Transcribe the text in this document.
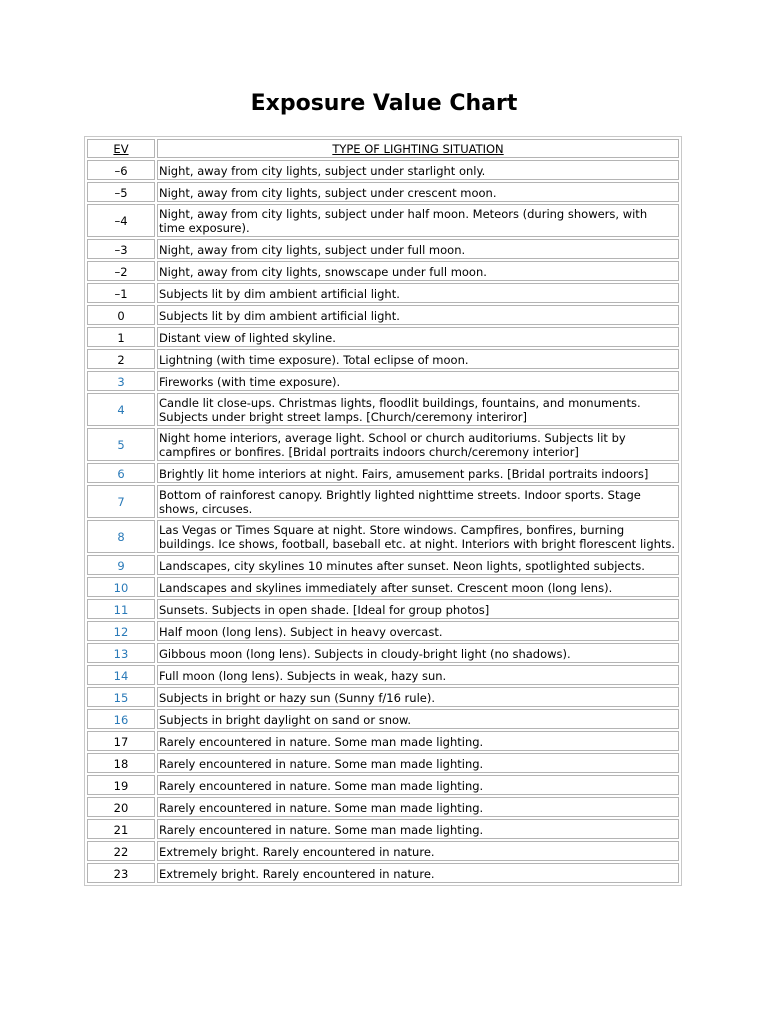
Exposure Value Chart
EV	TYPE OF LIGHTING SITUATION
–6	Night, away from city lights, subject under starlight only.
–5	Night, away from city lights, subject under crescent moon.
–4	Night, away from city lights, subject under half moon. Meteors (during showers, with time exposure).
–3	Night, away from city lights, subject under full moon.
–2	Night, away from city lights, snowscape under full moon.
–1	Subjects lit by dim ambient artificial light.
0	Subjects lit by dim ambient artificial light.
1	Distant view of lighted skyline.
2	Lightning (with time exposure). Total eclipse of moon.
3	Fireworks (with time exposure).
4	Candle lit close-ups. Christmas lights, floodlit buildings, fountains, and monuments. Subjects under bright street lamps. [Church/ceremony interiror]
5	Night home interiors, average light. School or church auditoriums. Subjects lit by campfires or bonfires. [Bridal portraits indoors church/ceremony interior]
6	Brightly lit home interiors at night. Fairs, amusement parks. [Bridal portraits indoors]
7	Bottom of rainforest canopy. Brightly lighted nighttime streets. Indoor sports. Stage shows, circuses.
8	Las Vegas or Times Square at night. Store windows. Campfires, bonfires, burning buildings. Ice shows, football, baseball etc. at night. Interiors with bright florescent lights.
9	Landscapes, city skylines 10 minutes after sunset. Neon lights, spotlighted subjects.
10	Landscapes and skylines immediately after sunset. Crescent moon (long lens).
11	Sunsets. Subjects in open shade. [Ideal for group photos]
12	Half moon (long lens). Subject in heavy overcast.
13	Gibbous moon (long lens). Subjects in cloudy-bright light (no shadows).
14	Full moon (long lens). Subjects in weak, hazy sun.
15	Subjects in bright or hazy sun (Sunny f/16 rule).
16	Subjects in bright daylight on sand or snow.
17	Rarely encountered in nature. Some man made lighting.
18	Rarely encountered in nature. Some man made lighting.
19	Rarely encountered in nature. Some man made lighting.
20	Rarely encountered in nature. Some man made lighting.
21	Rarely encountered in nature. Some man made lighting.
22	Extremely bright. Rarely encountered in nature.
23	Extremely bright. Rarely encountered in nature.
